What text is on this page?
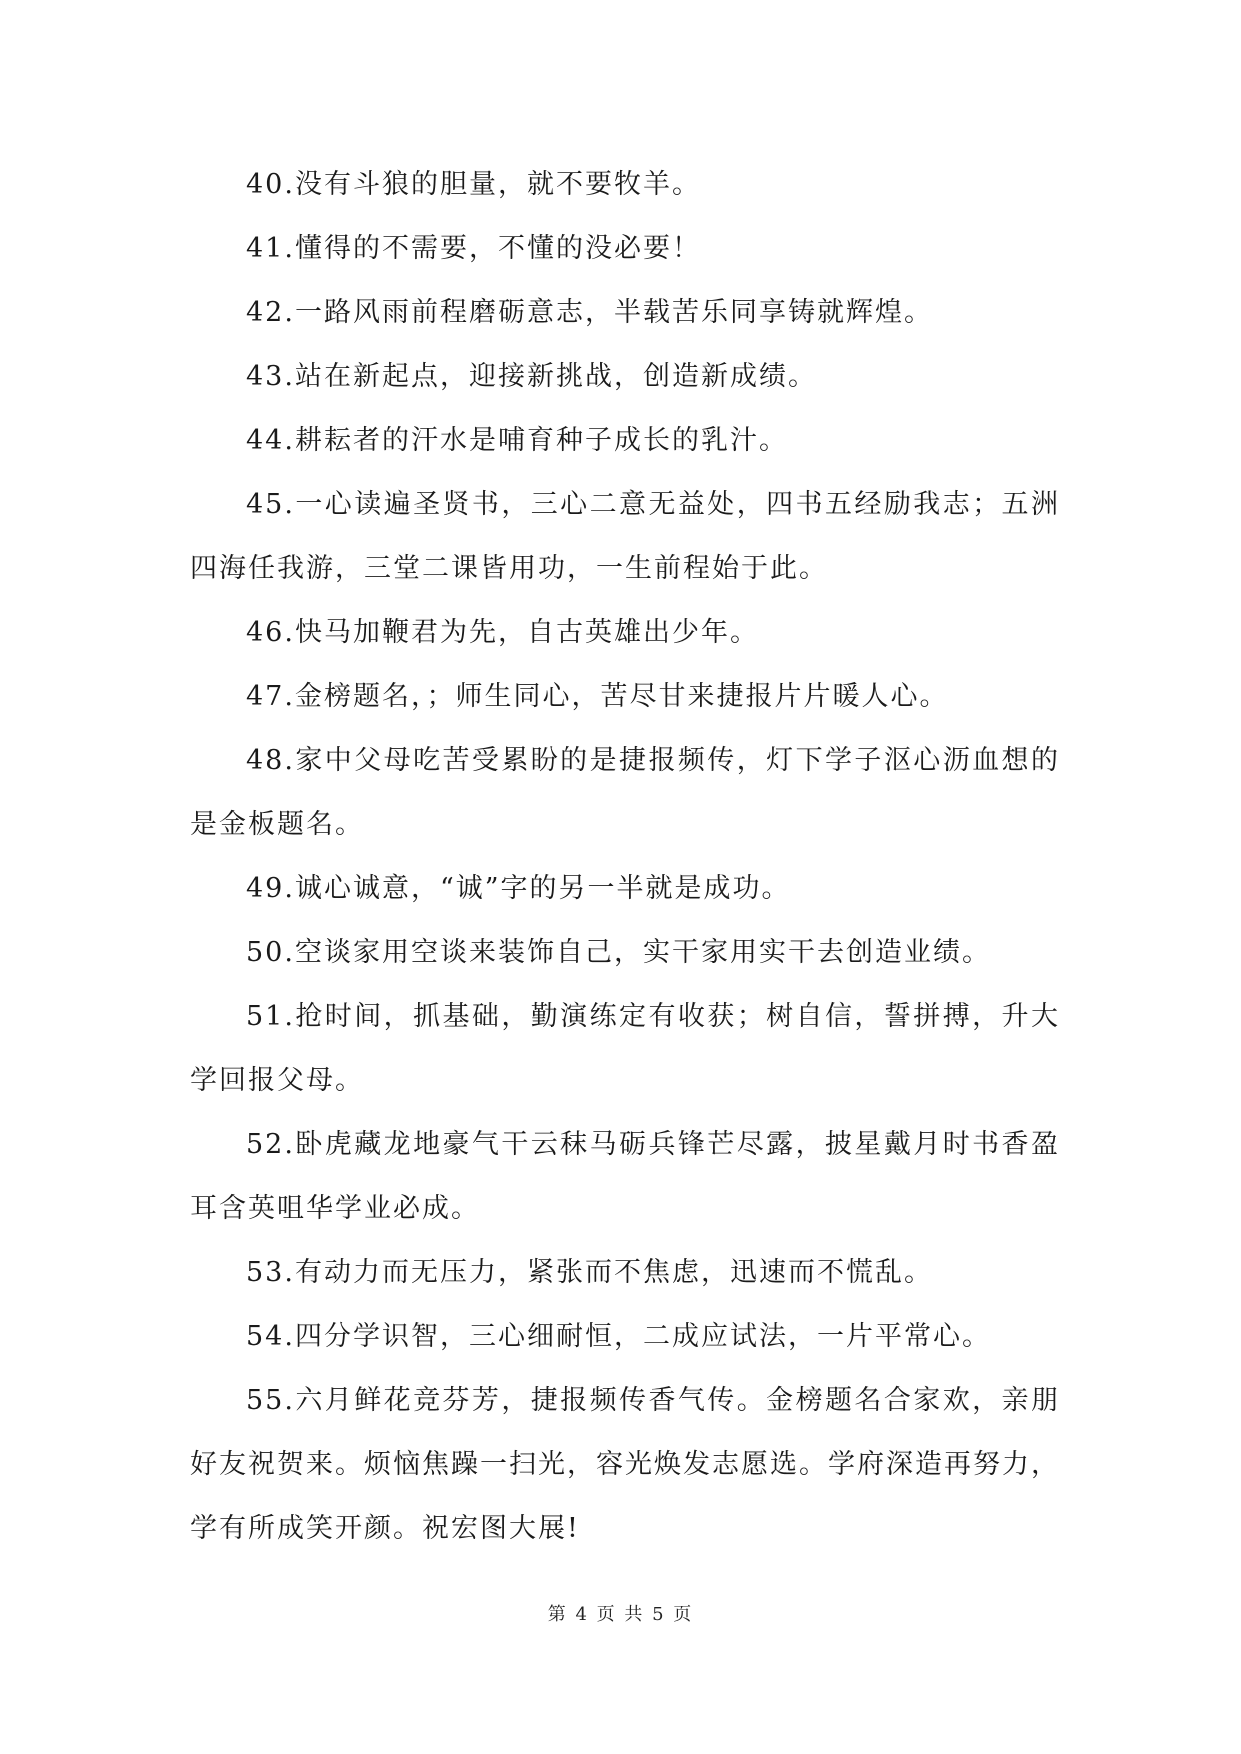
40.没有斗狼的胆量，就不要牧羊。

41.懂得的不需要，不懂的没必要！

42.一路风雨前程磨砺意志，半载苦乐同享铸就辉煌。

43.站在新起点，迎接新挑战，创造新成绩。

44.耕耘者的汗水是哺育种子成长的乳汁。

45.一心读遍圣贤书，三心二意无益处，四书五经励我志；五洲四海任我游，三堂二课皆用功，一生前程始于此。

46.快马加鞭君为先，自古英雄出少年。

47.金榜题名，；师生同心，苦尽甘来捷报片片暖人心。

48.家中父母吃苦受累盼的是捷报频传，灯下学子沤心沥血想的是金板题名。

49.诚心诚意，“诚”字的另一半就是成功。

50.空谈家用空谈来装饰自己，实干家用实干去创造业绩。

51.抢时间，抓基础，勤演练定有收获；树自信，誓拼搏，升大学回报父母。

52.卧虎藏龙地豪气干云秣马砺兵锋芒尽露，披星戴月时书香盈耳含英咀华学业必成。

53.有动力而无压力，紧张而不焦虑，迅速而不慌乱。

54.四分学识智，三心细耐恒，二成应试法，一片平常心。

55.六月鲜花竞芬芳，捷报频传香气传。金榜题名合家欢，亲朋好友祝贺来。烦恼焦躁一扫光，容光焕发志愿选。学府深造再努力，学有所成笑开颜。祝宏图大展!

第 4 页 共 5 页
